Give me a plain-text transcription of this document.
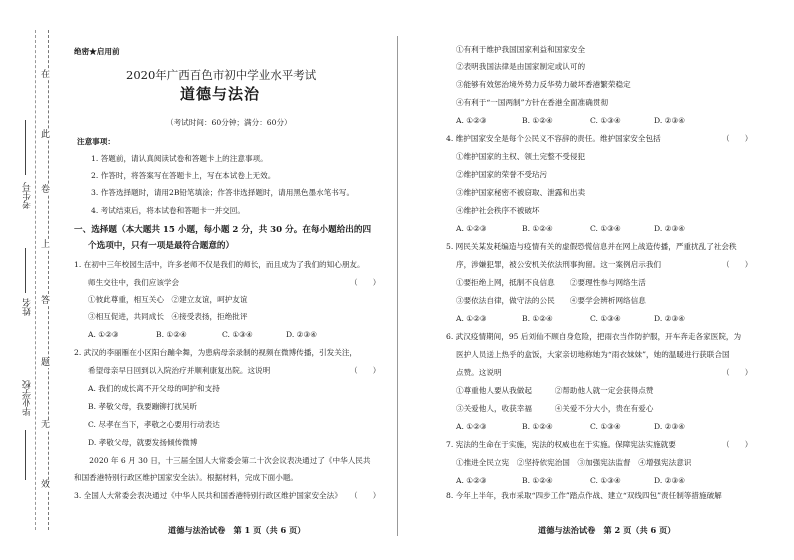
在
此
卷
上
答
题
无
效
考生号
姓名
毕业学校
绝密★启用前
2020年广西百色市初中学业水平考试
道德与法治
（考试时间：60分钟；满分：60分）
注意事项：
1. 答题前，请认真阅读试卷和答题卡上的注意事项。
2. 作答时，将答案写在答题卡上，写在本试卷上无效。
3. 作答选择题时，请用2B铅笔填涂；作答非选择题时，请用黑色墨水笔书写。
4. 考试结束后，将本试卷和答题卡一并交回。
一、选择题（本大题共 15 小题，每小题 2 分，共 30 分。在每小题给出的四
个选项中，只有一项是最符合题意的）
1. 在初中三年校园生活中，许多老师不仅是我们的师长，而且成为了我们的知心朋友。
师生交往中，我们应该学会	（　　）
①彼此尊重，相互关心　②建立友谊，呵护友谊
③相互促进，共同成长　④接受表扬，拒绝批评
A. ①②③	B. ①②④	C. ①③④	D. ②③④
2. 武汉的李丽雁在小区阳台蹦伞舞，为患病母亲录制的视频在微博传播，引发关注，
希望母亲早日回到以入院治疗并顺利康复出院。这说明	（　　）
A. 我们的成长离不开父母的呵护和支持
B. 孝敬父母，我要蹦铆打扰吴昕
C. 尽孝在当下，孝敬之心要用行动表达
D. 孝敬父母，就要发扬倾传微博
　　2020 年 6 月 30 日，十三届全国人大常委会第二十次会议表决通过了《中华人民共
和国香港特别行政区维护国家安全法》。根据材料，完成下面小题。
3. 全国人大常委会表决通过《中华人民共和国香港特别行政区维护国家安全法》 （　　）
道德与法治试卷　第 1 页（共 6 页）
①有利于维护我国国家利益和国家安全
②表明我国法律是由国家制定或认可的
③能够有效惩治境外势力反华势力破坏香港繁荣稳定
④有利于“一国两制”方针在香港全面准确贯彻
A. ①②③	B. ①②④	C. ①③④	D. ②③④
4. 维护国家安全是每个公民义不容辞的责任。维护国家安全包括	（　　）
①维护国家的主权、领土完整不受侵犯
②维护国家的荣誉不受玷污
③维护国家秘密不被窃取、泄露和出卖
④维护社会秩序不被破坏
A. ①②③	B. ①②④	C. ①③④	D. ②③④
5. 网民关某发耗编造与疫情有关的虚假恐慌信息并在网上战造传播，严重扰乱了社会秩
序，涉嫌犯罪，被公安机关依法刑事拘留。这一案例启示我们	（　　）
①要拒绝上网，抵制不良信息　　②要理性参与网络生活
③要依法自律，做守法的公民　　④要学会辨析网络信息
A. ①②③	B. ①②④	C. ①③④	D. ②③④
6. 武汉疫情期间，95 后刘仙不顾自身危险，把雨衣当作防护服，开车奔走各家医院，为
医护人员送上热乎的盒饭，大家亲切地称她为“雨衣妹妹”，她的温暖进行获联合国
点赞。这说明	（　　）
①尊重他人要从我做起　　　②帮助他人就一定会获得点赞
③关爱他人，收获幸福　　　④关爱不分大小，贵在有爱心
A. ①②③	B. ①②④	C. ①③④	D. ②③④
7. 宪法的生命在于实施，宪法的权威也在于实施。保障宪法实施就要	（　　）
①推进全民立宪　②坚持依宪治国　③加强宪法监督　④增强宪法意识
A. ①②③	B. ①②④	C. ①③④	D. ②③④
8. 今年上半年，我市采取“四步工作”踏点作战、建立“双线四包”责任制等措施破解
道德与法治试卷　第 2 页（共 6 页）
